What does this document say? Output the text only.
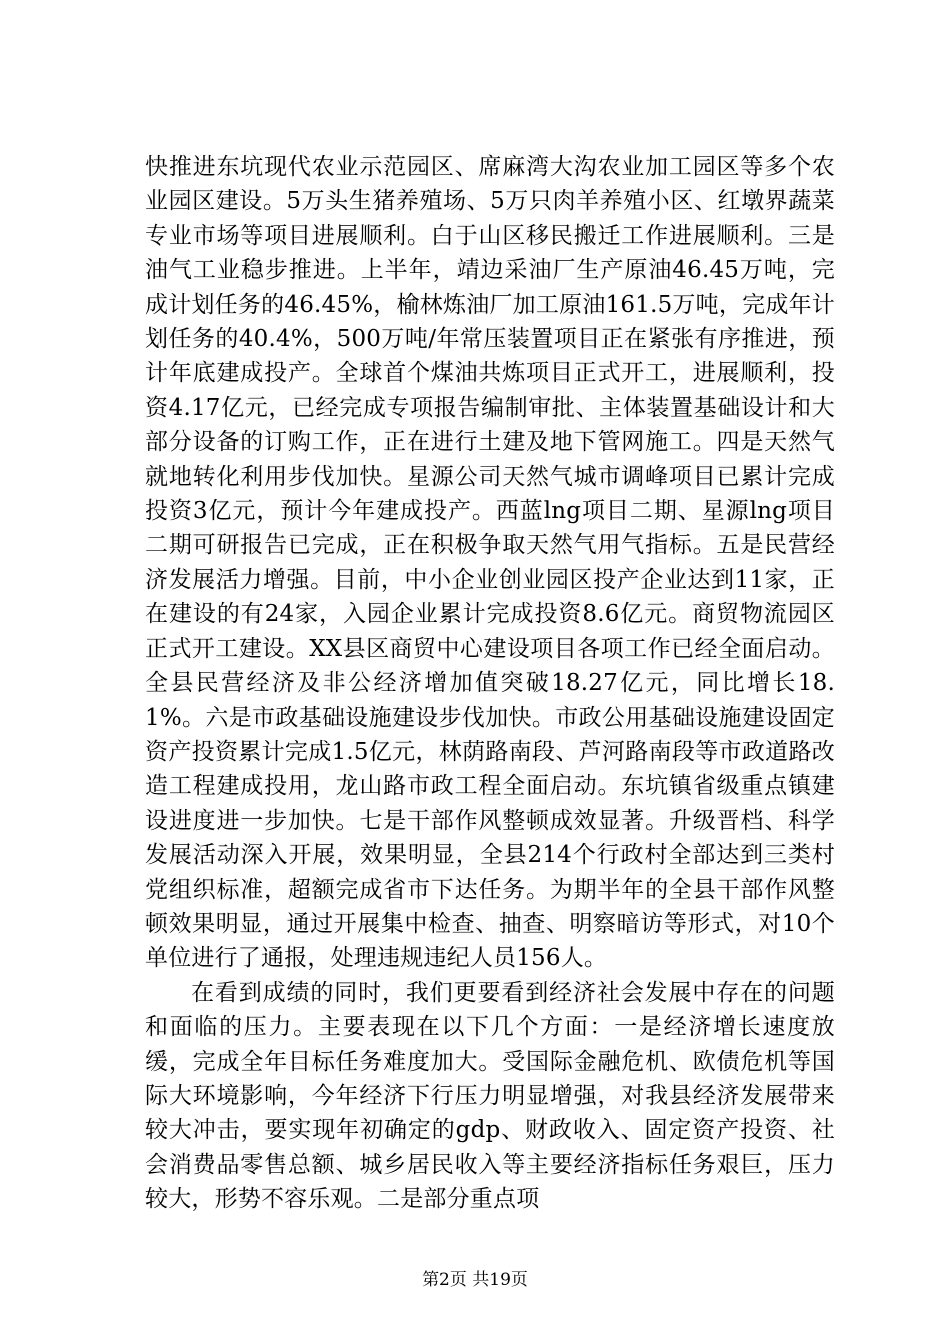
快推进东坑现代农业示范园区、席麻湾大沟农业加工园区等多个农业园区建设。5万头生猪养殖场、5万只肉羊养殖小区、红墩界蔬菜专业市场等项目进展顺利。白于山区移民搬迁工作进展顺利。三是油气工业稳步推进。上半年，靖边采油厂生产原油46.45万吨，完成计划任务的46.45%，榆林炼油厂加工原油161.5万吨，完成年计划任务的40.4%，500万吨/年常压装置项目正在紧张有序推进，预计年底建成投产。全球首个煤油共炼项目正式开工，进展顺利，投资4.17亿元，已经完成专项报告编制审批、主体装置基础设计和大部分设备的订购工作，正在进行土建及地下管网施工。四是天然气就地转化利用步伐加快。星源公司天然气城市调峰项目已累计完成投资3亿元，预计今年建成投产。西蓝lng项目二期、星源lng项目二期可研报告已完成，正在积极争取天然气用气指标。五是民营经济发展活力增强。目前，中小企业创业园区投产企业达到11家，正在建设的有24家，入园企业累计完成投资8.6亿元。商贸物流园区正式开工建设。XX县区商贸中心建设项目各项工作已经全面启动。全县民营经济及非公经济增加值突破18.27亿元，同比增长18.1%。六是市政基础设施建设步伐加快。市政公用基础设施建设固定资产投资累计完成1.5亿元，林荫路南段、芦河路南段等市政道路改造工程建成投用，龙山路市政工程全面启动。东坑镇省级重点镇建设进度进一步加快。七是干部作风整顿成效显著。升级晋档、科学发展活动深入开展，效果明显，全县214个行政村全部达到三类村党组织标准，超额完成省市下达任务。为期半年的全县干部作风整顿效果明显，通过开展集中检查、抽查、明察暗访等形式，对10个单位进行了通报，处理违规违纪人员156人。

在看到成绩的同时，我们更要看到经济社会发展中存在的问题和面临的压力。主要表现在以下几个方面：一是经济增长速度放缓，完成全年目标任务难度加大。受国际金融危机、欧债危机等国际大环境影响，今年经济下行压力明显增强，对我县经济发展带来较大冲击，要实现年初确定的gdp、财政收入、固定资产投资、社会消费品零售总额、城乡居民收入等主要经济指标任务艰巨，压力较大，形势不容乐观。二是部分重点项

第2页 共19页
